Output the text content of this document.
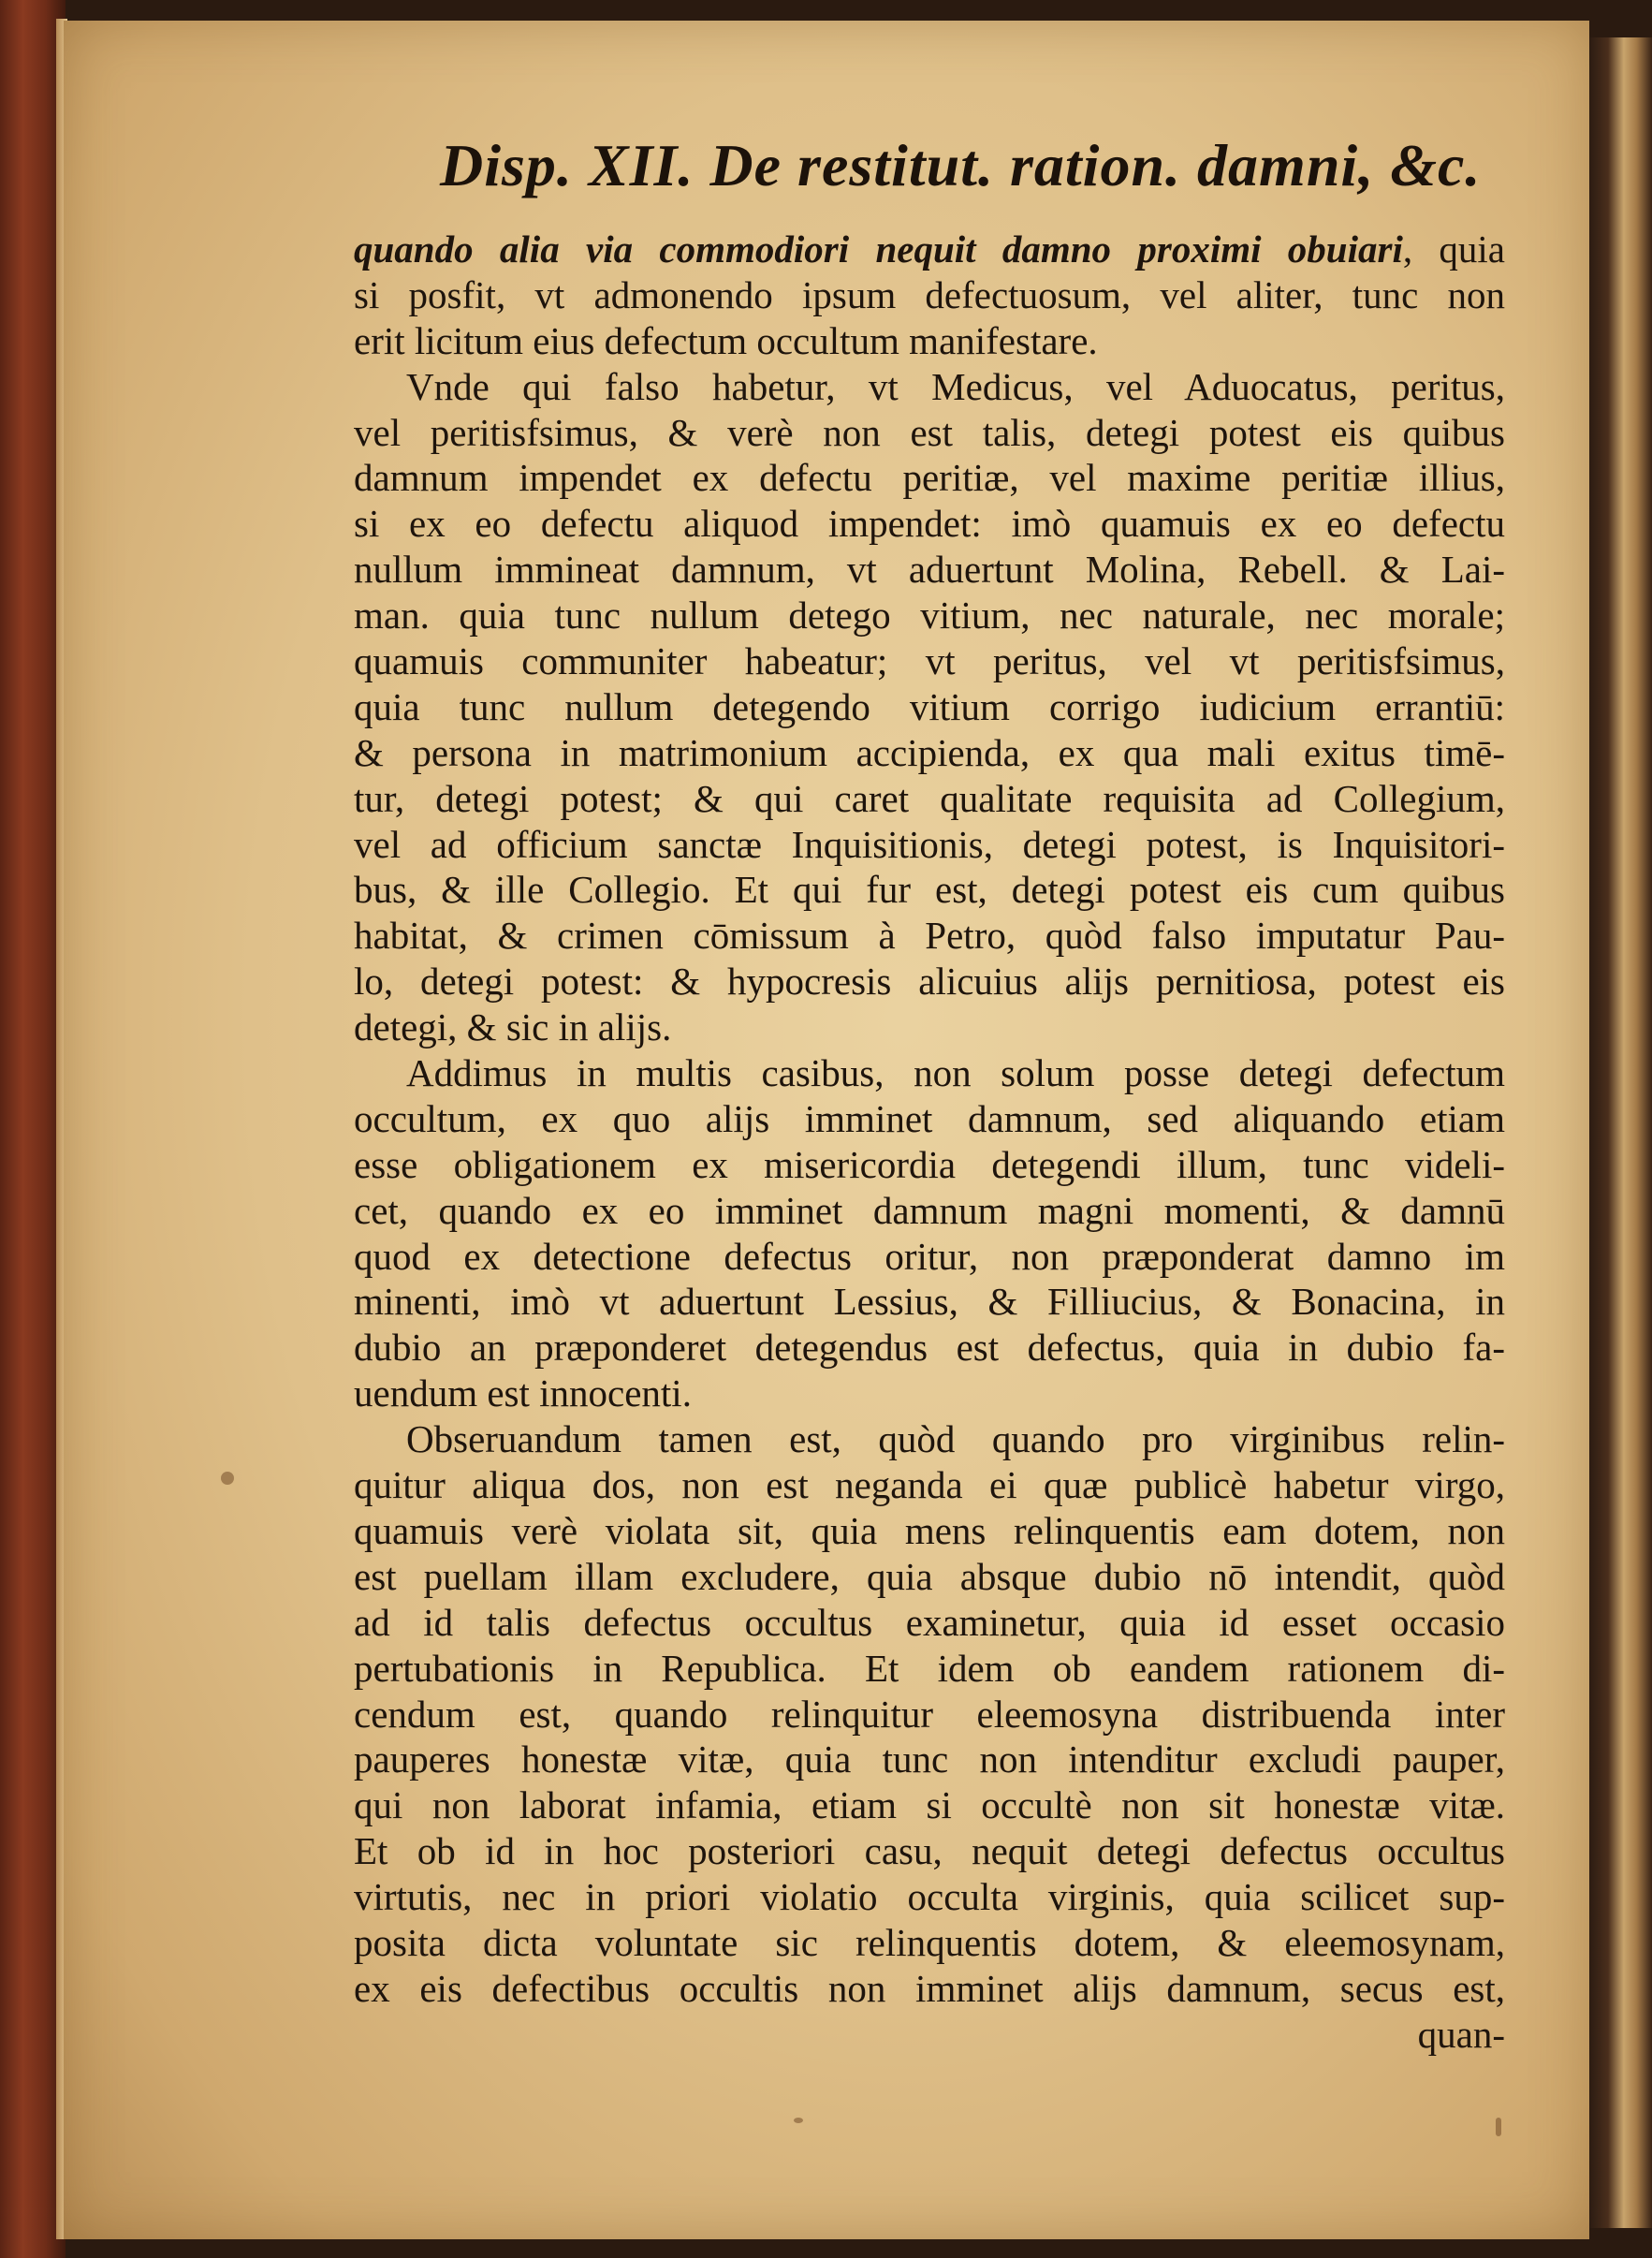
Disp. XII. De restitut. ration. damni, &c.
quando alia via commodiori nequit damno proximi obuiari, quia
si posfit, vt admonendo ipsum defectuosum, vel aliter, tunc non
erit licitum eius defectum occultum manifestare.
Vnde qui falso habetur, vt Medicus, vel Aduocatus, peritus,
vel peritisfsimus, & verè non est talis, detegi potest eis quibus
damnum impendet ex defectu peritiæ, vel maxime peritiæ illius,
si ex eo defectu aliquod impendet: imò quamuis ex eo defectu
nullum immineat damnum, vt aduertunt Molina, Rebell. & Lai-
man. quia tunc nullum detego vitium, nec naturale, nec morale;
quamuis communiter habeatur; vt peritus, vel vt peritisfsimus,
quia tunc nullum detegendo vitium corrigo iudicium errantiū:
& persona in matrimonium accipienda, ex qua mali exitus timē-
tur, detegi potest; & qui caret qualitate requisita ad Collegium,
vel ad officium sanctæ Inquisitionis, detegi potest, is Inquisitori-
bus, & ille Collegio. Et qui fur est, detegi potest eis cum quibus
habitat, & crimen cōmissum à Petro, quòd falso imputatur Pau-
lo, detegi potest: & hypocresis alicuius alijs pernitiosa, potest eis
detegi, & sic in alijs.
Addimus in multis casibus, non solum posse detegi defectum
occultum, ex quo alijs imminet damnum, sed aliquando etiam
esse obligationem ex misericordia detegendi illum, tunc videli-
cet, quando ex eo imminet damnum magni momenti, & damnū
quod ex detectione defectus oritur, non præponderat damno im
minenti, imò vt aduertunt Lessius, & Filliucius, & Bonacina, in
dubio an præponderet detegendus est defectus, quia in dubio fa-
uendum est innocenti.
Obseruandum tamen est, quòd quando pro virginibus relin-
quitur aliqua dos, non est neganda ei quæ publicè habetur virgo,
quamuis verè violata sit, quia mens relinquentis eam dotem, non
est puellam illam excludere, quia absque dubio nō intendit, quòd
ad id talis defectus occultus examinetur, quia id esset occasio
pertubationis in Republica. Et idem ob eandem rationem di-
cendum est, quando relinquitur eleemosyna distribuenda inter
pauperes honestæ vitæ, quia tunc non intenditur excludi pauper,
qui non laborat infamia, etiam si occultè non sit honestæ vitæ.
Et ob id in hoc posteriori casu, nequit detegi defectus occultus
virtutis, nec in priori violatio occulta virginis, quia scilicet sup-
posita dicta voluntate sic relinquentis dotem, & eleemosynam,
ex eis defectibus occultis non imminet alijs damnum, secus est,
quan-
